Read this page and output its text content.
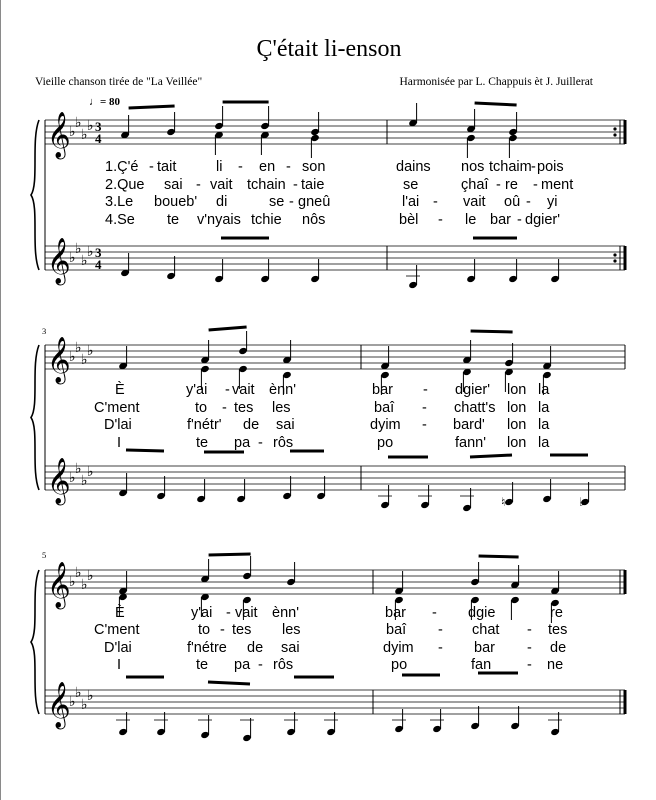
Ç'était li-enson
Vieille chanson tirée de "La Veillée"	Harmonisée par L. Chappuis èt J. Juillerat
♩= 80
3
5
𝄞
𝄞
♭
♭
♭
♭
♭
♭
♭
♭
3
4
3
4
𝄞
𝄞
♭
♭
♭
♭
♭
♭
♭
♭
𝄞
𝄞
♭
♭
♭
♭
♭
♭
♭
♭
♮	♭
1.Ç'é - tait	li - en - son	dains nos tchaim - pois
2.Que sai - vait tchain - taie	se	çhaî - re - ment
3.Le boueb' di	se - gneû	l'ai - vait oû - yi
4.Se te v'nyais tchie nôs	bèl - le bar - dgier'
È	y'ai - vait ènn'	bar - dgier' lon la
C'ment	to - tes les	baî - chatt's lon la
D'lai	f'nétr' de sai	dyim - bard' lon la
I	te pa - rôs	po	fann' lon la
È	y'ai - vait ènn'	bar - dgie	re
C'ment	to - tes les	baî - chat - tes
D'lai	f'nétre de sai	dyim - bar - de
I	te pa - rôs	po	fan - ne
